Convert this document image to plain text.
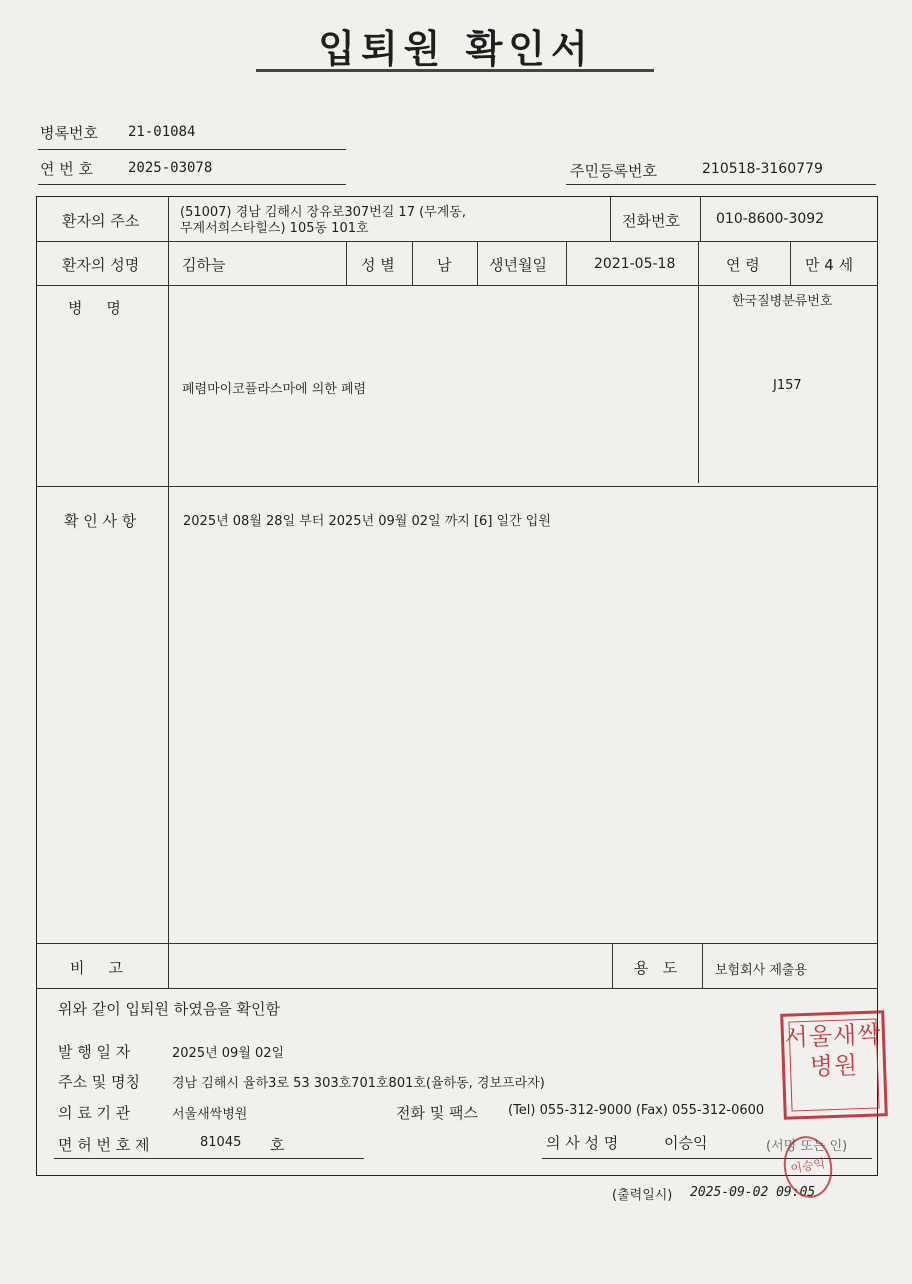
입퇴원 확인서
병록번호 21-01084
연 번 호 2025-03078	주민등록번호	210518-3160779
환자의 주소	(51007) 경남 김해시 장유로307번길 17 (무계동,
무계서희스타힐스) 105동 101호	전화번호	010-8600-3092
환자의 성명	김하늘	성 별	남	생년월일	2021-05-18	연 령	만 4 세
병     명	한국질병분류번호
폐렴마이코플라스마에 의한 폐렴	J157
확 인 사 항	2025년 08월 28일 부터 2025년 09월 02일 까지 [6] 일간 입원
비     고	용   도	보험회사 제출용
위와 같이 입퇴원 하였음을 확인함
발 행 일 자	2025년 09월 02일
주소 및 명칭 경남 김해시 율하3로 53 303호701호801호(율하동, 경보프라자)
의 료 기 관	서울새싹병원	전화 및 팩스 (Tel) 055-312-9000 (Fax) 055-312-0600
면 허 번 호 제	81045 호	의 사 성 명	이승익	(서명 또는 인)
(출력일시) 2025-09-02 09:05
서울새싹병원
이승익
